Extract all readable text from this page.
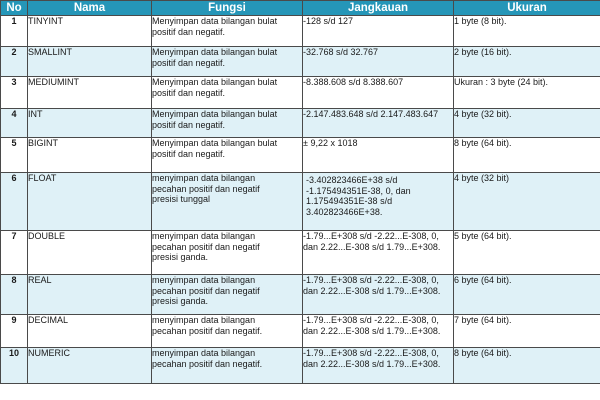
No	Nama	Fungsi	Jangkauan	Ukuran
1	TINYINT	Menyimpan data bilangan bulat
positif dan negatif.	-128 s/d 127	1 byte (8 bit).
2	SMALLINT	Menyimpan data bilangan bulat
positif dan negatif.	-32.768 s/d 32.767	2 byte (16 bit).
3	MEDIUMINT	Menyimpan data bilangan bulat
positif dan negatif.	-8.388.608 s/d 8.388.607	Ukuran : 3 byte (24 bit).
4	INT	Menyimpan data bilangan bulat
positif dan negatif.	-2.147.483.648 s/d 2.147.483.647	4 byte (32 bit).
5	BIGINT	Menyimpan data bilangan bulat
positif dan negatif.	± 9,22 x 1018	8 byte (64 bit).
6	FLOAT	menyimpan data bilangan
pecahan positif dan negatif
presisi tunggal	-3.402823466E+38 s/d
-1.175494351E-38, 0, dan
1.175494351E-38 s/d
3.402823466E+38.	4 byte (32 bit)
7	DOUBLE	menyimpan data bilangan
pecahan positif dan negatif
presisi ganda.	-1.79...E+308 s/d -2.22...E-308, 0,
dan 2.22...E-308 s/d 1.79...E+308.	5 byte (64 bit).
8	REAL	menyimpan data bilangan
pecahan positif dan negatif
presisi ganda.	-1.79...E+308 s/d -2.22...E-308, 0,
dan 2.22...E-308 s/d 1.79...E+308.	6 byte (64 bit).
9	DECIMAL	menyimpan data bilangan
pecahan positif dan negatif.	-1.79...E+308 s/d -2.22...E-308, 0,
dan 2.22...E-308 s/d 1.79...E+308.	7 byte (64 bit).
10	NUMERIC	menyimpan data bilangan
pecahan positif dan negatif.	-1.79...E+308 s/d -2.22...E-308, 0,
dan 2.22...E-308 s/d 1.79...E+308.	8 byte (64 bit).
